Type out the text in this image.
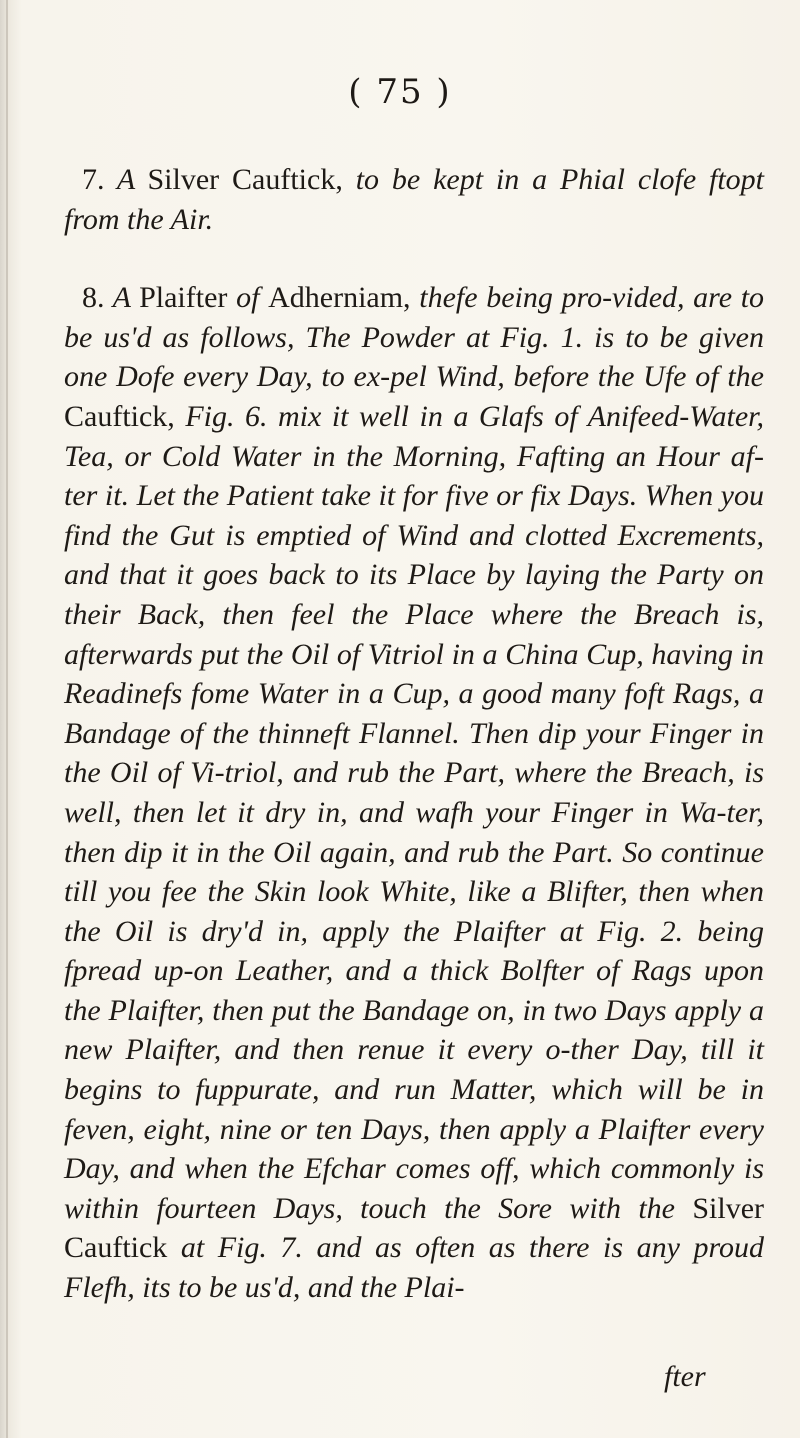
( 75 )

7. A Silver Cauftick, to be kept in a Phial clofe ftopt from the Air.

8. A Plaifter of Adherniam, thefe being pro-vided, are to be us'd as follows, The Powder at Fig. 1. is to be given one Dofe every Day, to ex-pel Wind, before the Ufe of the Cauftick, Fig. 6. mix it well in a Glafs of Anifeed-Water, Tea, or Cold Water in the Morning, Fafting an Hour af-ter it. Let the Patient take it for five or fix Days. When you find the Gut is emptied of Wind and clotted Excrements, and that it goes back to its Place by laying the Party on their Back, then feel the Place where the Breach is, afterwards put the Oil of Vitriol in a China Cup, having in Readinefs fome Water in a Cup, a good many foft Rags, a Bandage of the thinneft Flannel. Then dip your Finger in the Oil of Vi-triol, and rub the Part, where the Breach, is well, then let it dry in, and wafh your Finger in Wa-ter, then dip it in the Oil again, and rub the Part. So continue till you fee the Skin look White, like a Blifter, then when the Oil is dry'd in, apply the Plaifter at Fig. 2. being fpread up-on Leather, and a thick Bolfter of Rags upon the Plaifter, then put the Bandage on, in two Days apply a new Plaifter, and then renue it every o-ther Day, till it begins to fuppurate, and run Matter, which will be in feven, eight, nine or ten Days, then apply a Plaifter every Day, and when the Efchar comes off, which commonly is within fourteen Days, touch the Sore with the Silver Cauftick at Fig. 7. and as often as there is any proud Flefh, its to be us'd, and the Plai-

fter
